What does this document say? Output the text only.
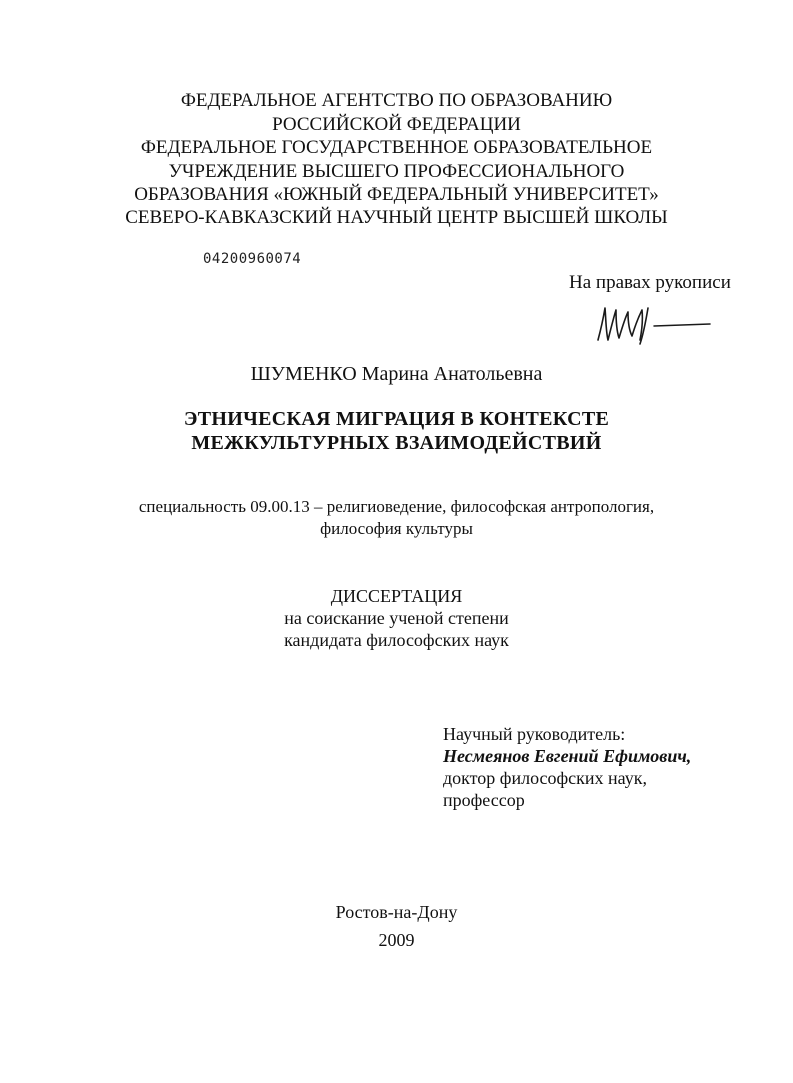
ФЕДЕРАЛЬНОЕ АГЕНТСТВО ПО ОБРАЗОВАНИЮ
РОССИЙСКОЙ ФЕДЕРАЦИИ
ФЕДЕРАЛЬНОЕ ГОСУДАРСТВЕННОЕ ОБРАЗОВАТЕЛЬНОЕ
УЧРЕЖДЕНИЕ ВЫСШЕГО ПРОФЕССИОНАЛЬНОГО
ОБРАЗОВАНИЯ «ЮЖНЫЙ ФЕДЕРАЛЬНЫЙ УНИВЕРСИТЕТ»
СЕВЕРО-КАВКАЗСКИЙ НАУЧНЫЙ ЦЕНТР ВЫСШЕЙ ШКОЛЫ
04200960074
На правах рукописи
ШУМЕНКО Марина Анатольевна
ЭТНИЧЕСКАЯ МИГРАЦИЯ В КОНТЕКСТЕ
МЕЖКУЛЬТУРНЫХ ВЗАИМОДЕЙСТВИЙ
специальность 09.00.13 – религиоведение, философская антропология,
философия культуры
ДИССЕРТАЦИЯ
на соискание ученой степени
кандидата философских наук
Научный руководитель:
Несмеянов Евгений Ефимович,
доктор философских наук,
профессор
Ростов-на-Дону
2009
